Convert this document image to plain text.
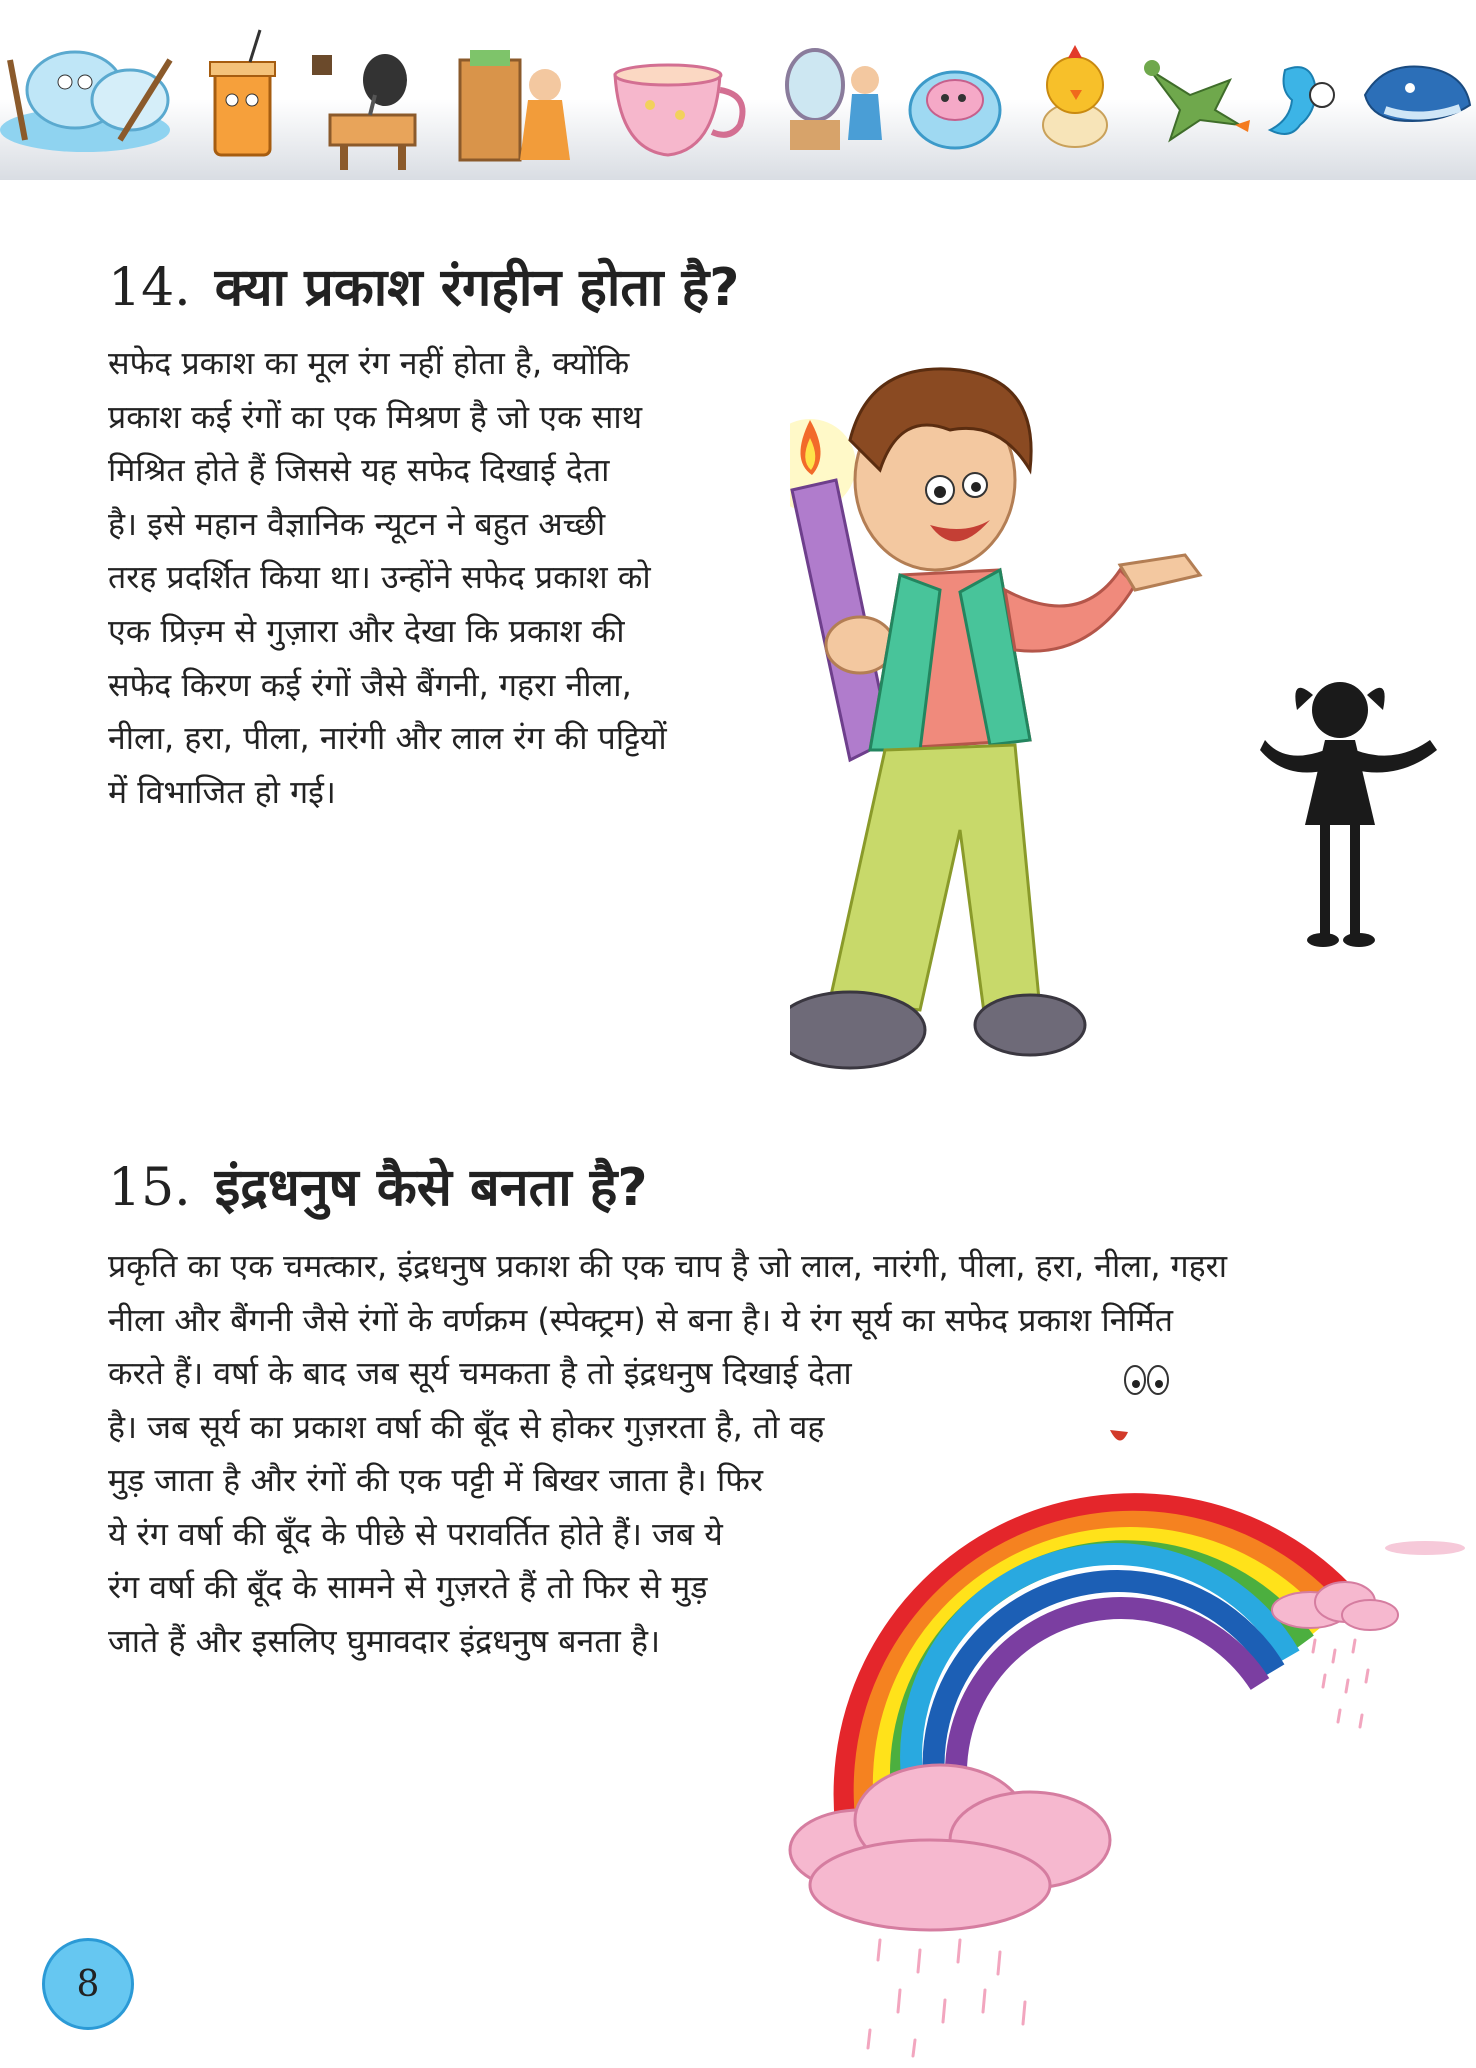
14. क्या प्रकाश रंगहीन होता है?
सफेद प्रकाश का मूल रंग नहीं होता है, क्योंकि
प्रकाश कई रंगों का एक मिश्रण है जो एक साथ
मिश्रित होते हैं जिससे यह सफेद दिखाई देता
है। इसे महान वैज्ञानिक न्यूटन ने बहुत अच्छी
तरह प्रदर्शित किया था। उन्होंने सफेद प्रकाश को
एक प्रिज़्म से गुज़ारा और देखा कि प्रकाश की
सफेद किरण कई रंगों जैसे बैंगनी, गहरा नीला,
नीला, हरा, पीला, नारंगी और लाल रंग की पट्टियों
में विभाजित हो गई।
15. इंद्रधनुष कैसे बनता है?
प्रकृति का एक चमत्कार, इंद्रधनुष प्रकाश की एक चाप है जो लाल, नारंगी, पीला, हरा, नीला, गहरा
नीला और बैंगनी जैसे रंगों के वर्णक्रम (स्पेक्ट्रम) से बना है। ये रंग सूर्य का सफेद प्रकाश निर्मित
करते हैं। वर्षा के बाद जब सूर्य चमकता है तो इंद्रधनुष दिखाई देता
है। जब सूर्य का प्रकाश वर्षा की बूँद से होकर गुज़रता है, तो वह
मुड़ जाता है और रंगों की एक पट्टी में बिखर जाता है। फिर
ये रंग वर्षा की बूँद के पीछे से परावर्तित होते हैं। जब ये
रंग वर्षा की बूँद के सामने से गुज़रते हैं तो फिर से मुड़
जाते हैं और इसलिए घुमावदार इंद्रधनुष बनता है।
8
